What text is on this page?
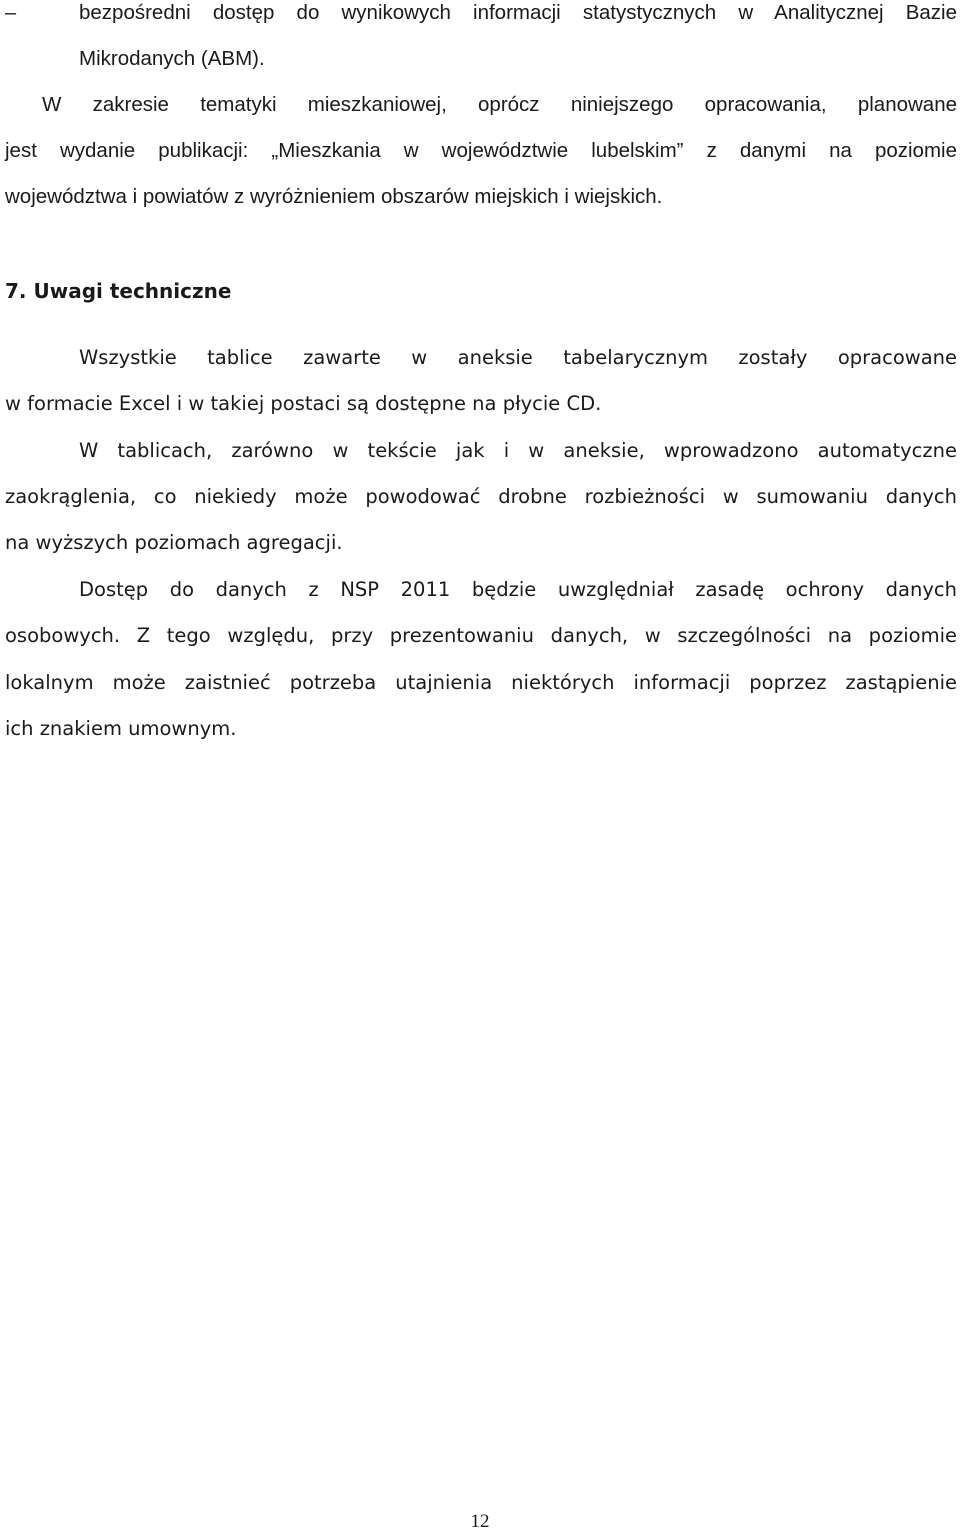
–	bezpośredni dostęp do wynikowych informacji statystycznych w Analitycznej Bazie
Mikrodanych (ABM).
W zakresie tematyki mieszkaniowej, oprócz niniejszego opracowania, planowane
jest wydanie publikacji: „Mieszkania w województwie lubelskim” z danymi na poziomie
województwa i powiatów z wyróżnieniem obszarów miejskich i wiejskich.
7. Uwagi techniczne
Wszystkie tablice zawarte w aneksie tabelarycznym zostały opracowane
w formacie Excel i w takiej postaci są dostępne na płycie CD.
W tablicach, zarówno w tekście jak i w aneksie, wprowadzono automatyczne
zaokrąglenia, co niekiedy może powodować drobne rozbieżności w sumowaniu danych
na wyższych poziomach agregacji.
Dostęp do danych z NSP 2011 będzie uwzględniał zasadę ochrony danych
osobowych. Z tego względu, przy prezentowaniu danych, w szczególności na poziomie
lokalnym może zaistnieć potrzeba utajnienia niektórych informacji poprzez zastąpienie
ich znakiem umownym.
12
